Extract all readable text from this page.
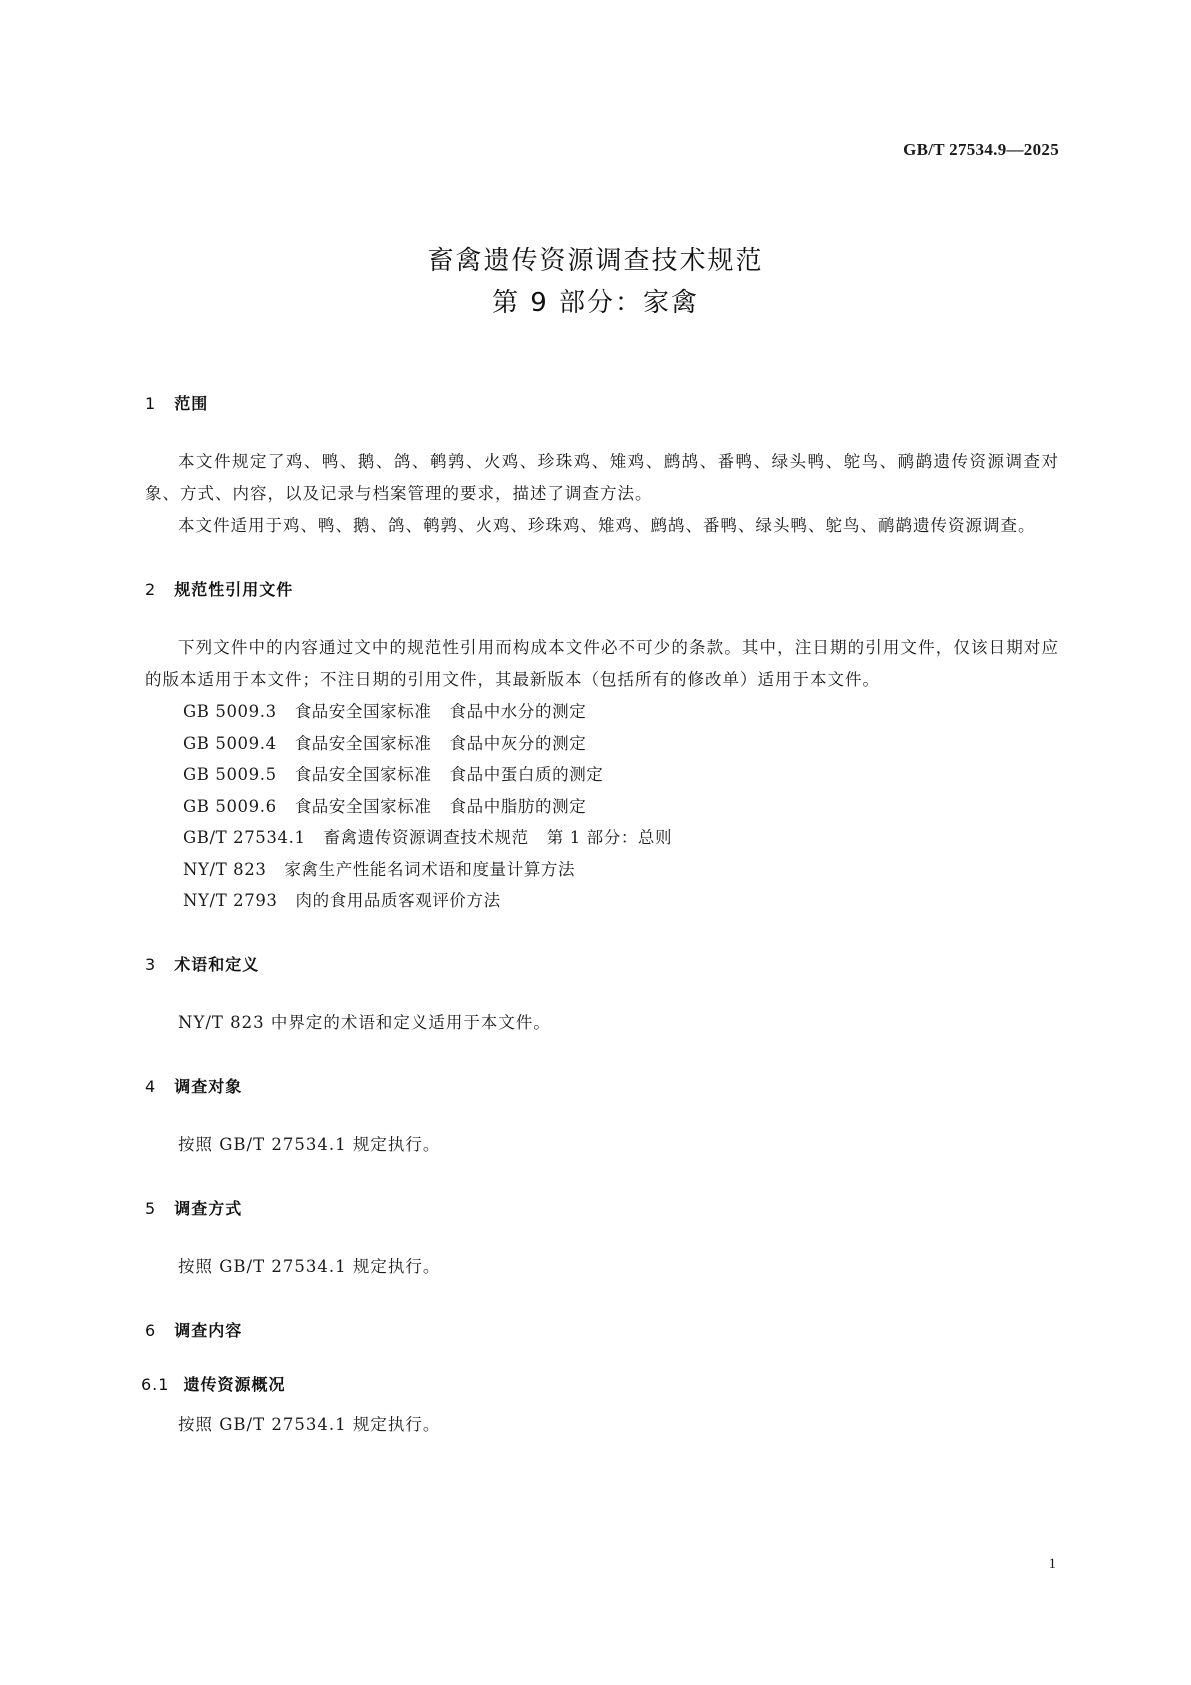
GB/T 27534.9—2025
畜禽遗传资源调查技术规范
第 9 部分：家禽
1 范围

本文件规定了鸡、鸭、鹅、鸽、鹌鹑、火鸡、珍珠鸡、雉鸡、鹧鸪、番鸭、绿头鸭、鸵鸟、鸸鹋遗传资源调查对象、方式、内容，以及记录与档案管理的要求，描述了调查方法。

本文件适用于鸡、鸭、鹅、鸽、鹌鹑、火鸡、珍珠鸡、雉鸡、鹧鸪、番鸭、绿头鸭、鸵鸟、鸸鹋遗传资源调查。

2 规范性引用文件

下列文件中的内容通过文中的规范性引用而构成本文件必不可少的条款。其中，注日期的引用文件，仅该日期对应的版本适用于本文件；不注日期的引用文件，其最新版本（包括所有的修改单）适用于本文件。

GB 5009.3 食品安全国家标准 食品中水分的测定
GB 5009.4 食品安全国家标准 食品中灰分的测定
GB 5009.5 食品安全国家标准 食品中蛋白质的测定
GB 5009.6 食品安全国家标准 食品中脂肪的测定
GB/T 27534.1 畜禽遗传资源调查技术规范 第 1 部分：总则
NY/T 823 家禽生产性能名词术语和度量计算方法
NY/T 2793 肉的食用品质客观评价方法
3 术语和定义

NY/T 823 中界定的术语和定义适用于本文件。

4 调查对象

按照 GB/T 27534.1 规定执行。

5 调查方式

按照 GB/T 27534.1 规定执行。

6 调查内容
6.1 遗传资源概况

按照 GB/T 27534.1 规定执行。

1
